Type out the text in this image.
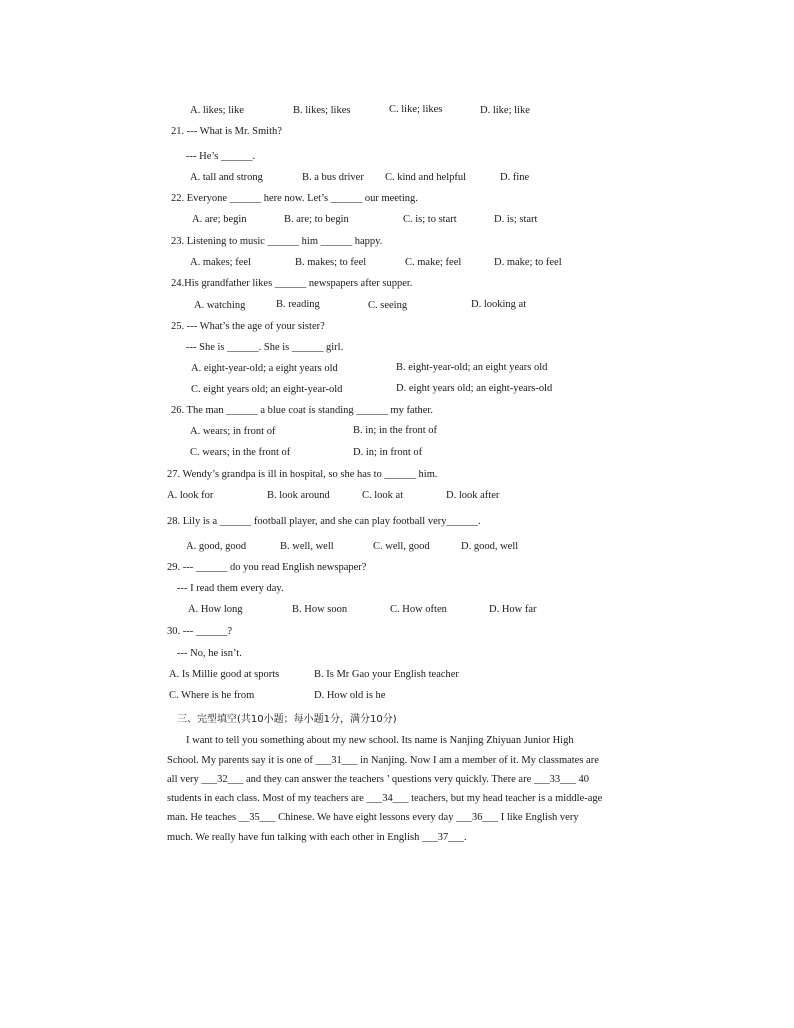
A. likes; like	B. likes; likes	C. like; likes	D. like; like
21. --- What is Mr. Smith?
--- He’s ______.
A. tall and strong	B. a bus driver C. kind and helpful	D. fine
22. Everyone ______ here now. Let’s ______ our meeting.
A. are; begin	B. are; to begin	C. is; to start	D. is; start
23. Listening to music ______ him ______ happy.
A. makes; feel	B. makes; to feel	C. make; feel	D. make; to feel
24.His grandfather likes ______ newspapers after supper.
A. watching	B. reading	C. seeing	D. looking at
25. --- What’s the age of your sister?
--- She is ______. She is ______ girl.
A. eight-year-old; a eight years old	B. eight-year-old; an eight years old
C. eight years old; an eight-year-old	D. eight years old; an eight-years-old
26. The man ______ a blue coat is standing ______ my father.
A. wears; in front of	B. in; in the front of
C. wears; in the front of	D. in; in front of
27. Wendy’s grandpa is ill in hospital, so she has to ______ him.
A. look for	B. look around	C. look at	D. look after
28. Lily is a ______ football player, and she can play football very______.
A. good, good	B. well, well	C. well, good	D. good, well
29. --- ______ do you read English newspaper?
--- I read them every day.
A. How long	B. How soon	C. How often	D. How far
30. --- ______?
--- No, he isn’t.
A. Is Millie good at sports	B. Is Mr Gao your English teacher
C. Where is he from	D. How old is he
三、完型填空(共10小题；每小题1分，满分10分)
I want to tell you something about my new school. Its name is Nanjing Zhiyuan Junior High
School. My parents say it is one of ___31___ in Nanjing. Now I am a member of it. My classmates are
all very ___32___ and they can answer the teachers ’ questions very quickly. There are ___33___ 40
students in each class. Most of my teachers are ___34___ teachers, but my head teacher is a middle-age
man. He teaches __35___ Chinese. We have eight lessons every day ___36___ I like English very
much. We really have fun talking with each other in English ___37___.
